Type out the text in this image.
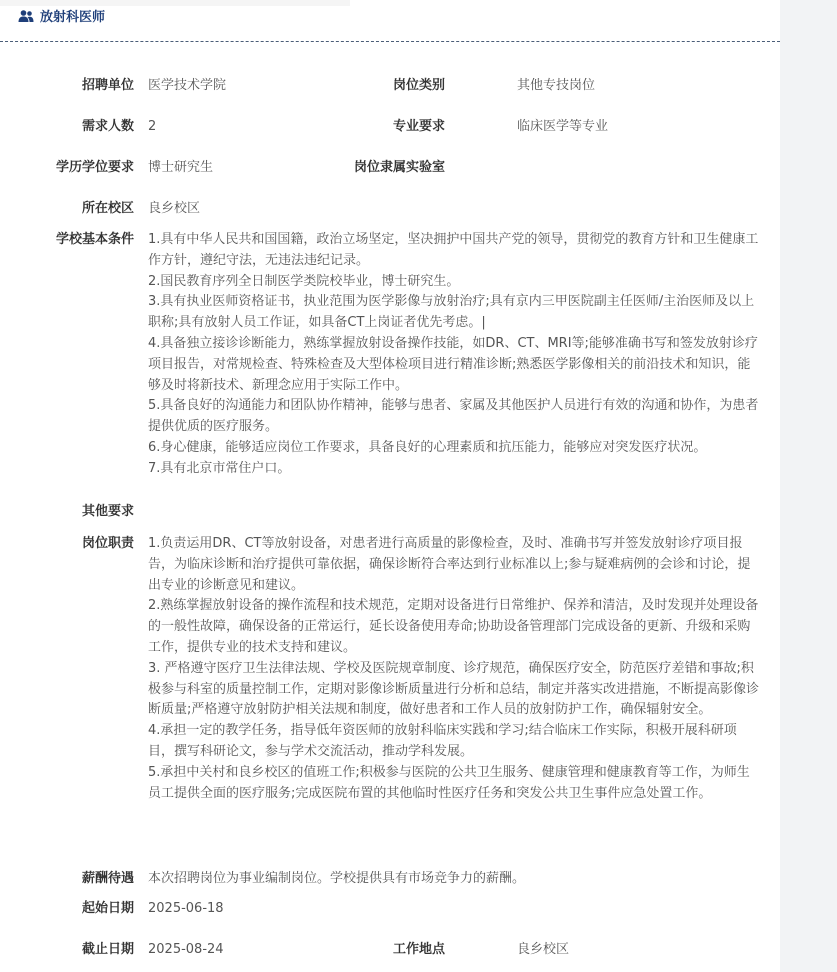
放射科医师
招聘单位 医学技术学院	岗位类别	其他专技岗位
需求人数 2	专业要求	临床医学等专业
学历学位要求 博士研究生	岗位隶属实验室
所在校区 良乡校区
学校基本条件 1.具有中华人民共和国国籍，政治立场坚定，坚决拥护中国共产党的领导，贯彻党的教育方针和卫生健康工作方针，遵纪守法，无违法违纪记录。

2.国民教育序列全日制医学类院校毕业，博士研究生。

3.具有执业医师资格证书，执业范围为医学影像与放射治疗;具有京内三甲医院副主任医师/主治医师及以上职称;具有放射人员工作证，如具备CT上岗证者优先考虑。|

4.具备独立接诊诊断能力，熟练掌握放射设备操作技能，如DR、CT、MRI等;能够准确书写和签发放射诊疗项目报告，对常规检查、特殊检查及大型体检项目进行精准诊断;熟悉医学影像相关的前沿技术和知识，能够及时将新技术、新理念应用于实际工作中。

5.具备良好的沟通能力和团队协作精神，能够与患者、家属及其他医护人员进行有效的沟通和协作，为患者提供优质的医疗服务。

6.身心健康，能够适应岗位工作要求，具备良好的心理素质和抗压能力，能够应对突发医疗状况。

7.具有北京市常住户口。

其他要求
岗位职责 1.负责运用DR、CT等放射设备，对患者进行高质量的影像检查，及时、准确书写并签发放射诊疗项目报告，为临床诊断和治疗提供可靠依据，确保诊断符合率达到行业标准以上;参与疑难病例的会诊和讨论，提出专业的诊断意见和建议。

2.熟练掌握放射设备的操作流程和技术规范，定期对设备进行日常维护、保养和清洁，及时发现并处理设备的一般性故障，确保设备的正常运行，延长设备使用寿命;协助设备管理部门完成设备的更新、升级和采购工作，提供专业的技术支持和建议。

3. 严格遵守医疗卫生法律法规、学校及医院规章制度、诊疗规范，确保医疗安全，防范医疗差错和事故;积极参与科室的质量控制工作，定期对影像诊断质量进行分析和总结，制定并落实改进措施，不断提高影像诊断质量;严格遵守放射防护相关法规和制度，做好患者和工作人员的放射防护工作，确保辐射安全。

4.承担一定的教学任务，指导低年资医师的放射科临床实践和学习;结合临床工作实际，积极开展科研项目，撰写科研论文，参与学术交流活动，推动学科发展。

5.承担中关村和良乡校区的值班工作;积极参与医院的公共卫生服务、健康管理和健康教育等工作，为师生员工提供全面的医疗服务;完成医院布置的其他临时性医疗任务和突发公共卫生事件应急处置工作。

薪酬待遇 本次招聘岗位为事业编制岗位。学校提供具有市场竞争力的薪酬。
起始日期 2025-06-18
截止日期 2025-08-24	工作地点	良乡校区
